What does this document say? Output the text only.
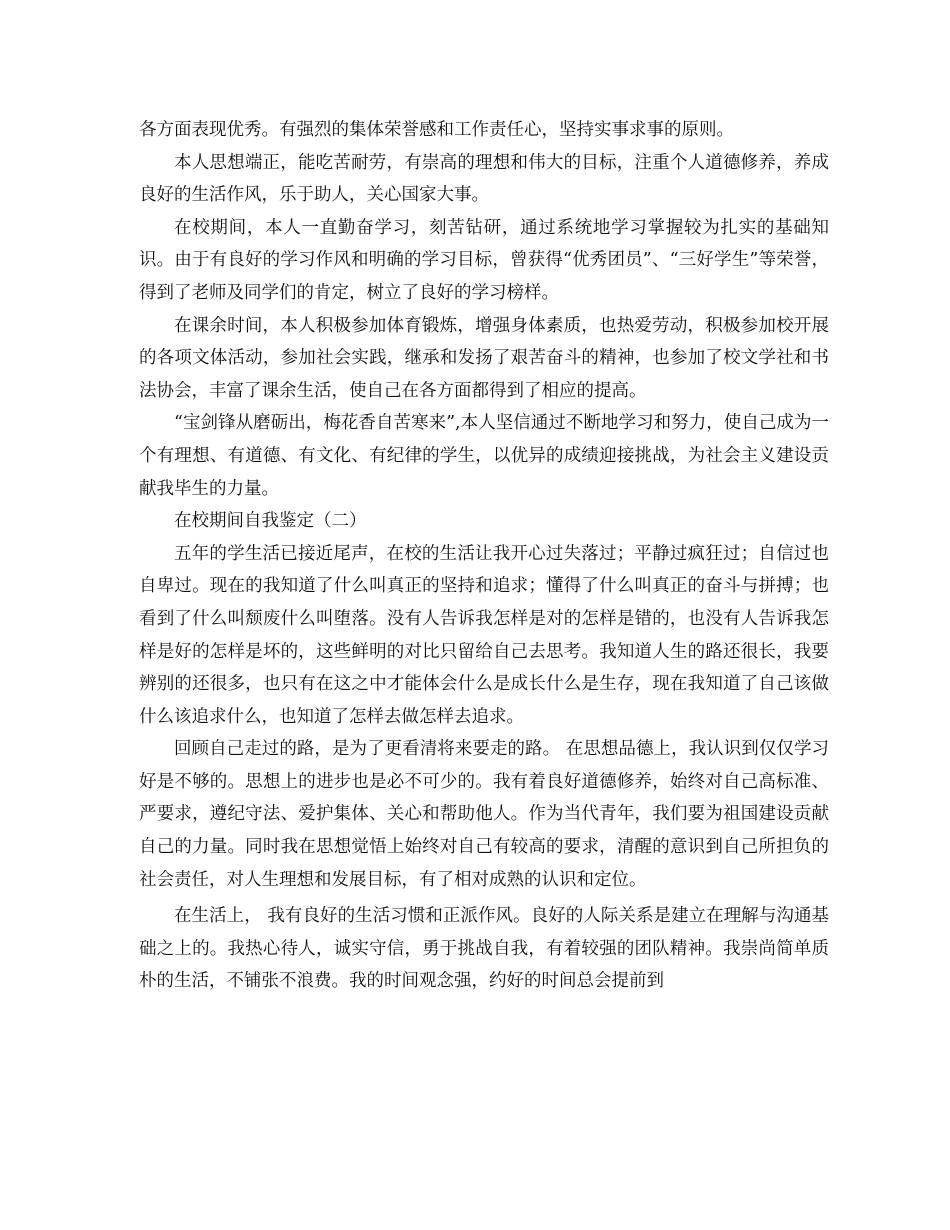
各方面表现优秀。有强烈的集体荣誉感和工作责任心，坚持实事求事的原则。

本人思想端正，能吃苦耐劳，有崇高的理想和伟大的目标，注重个人道德修养，养成良好的生活作风，乐于助人，关心国家大事。

在校期间，本人一直勤奋学习，刻苦钻研，通过系统地学习掌握较为扎实的基础知识。由于有良好的学习作风和明确的学习目标，曾获得“优秀团员”、“三好学生”等荣誉，得到了老师及同学们的肯定，树立了良好的学习榜样。

在课余时间，本人积极参加体育锻炼，增强身体素质，也热爱劳动，积极参加校开展的各项文体活动，参加社会实践，继承和发扬了艰苦奋斗的精神，也参加了校文学社和书法协会，丰富了课余生活，使自己在各方面都得到了相应的提高。

“宝剑锋从磨砺出，梅花香自苦寒来”,本人坚信通过不断地学习和努力，使自己成为一个有理想、有道德、有文化、有纪律的学生，以优异的成绩迎接挑战，为社会主义建设贡献我毕生的力量。

在校期间自我鉴定（二）

五年的学生活已接近尾声，在校的生活让我开心过失落过；平静过疯狂过；自信过也自卑过。现在的我知道了什么叫真正的坚持和追求；懂得了什么叫真正的奋斗与拼搏；也看到了什么叫颓废什么叫堕落。没有人告诉我怎样是对的怎样是错的，也没有人告诉我怎样是好的怎样是坏的，这些鲜明的对比只留给自己去思考。我知道人生的路还很长，我要辨别的还很多，也只有在这之中才能体会什么是成长什么是生存，现在我知道了自己该做什么该追求什么，也知道了怎样去做怎样去追求。

回顾自己走过的路，是为了更看清将来要走的路。 在思想品德上，我认识到仅仅学习好是不够的。思想上的进步也是必不可少的。我有着良好道德修养，始终对自己高标准、严要求，遵纪守法、爱护集体、关心和帮助他人。作为当代青年，我们要为祖国建设贡献自己的力量。同时我在思想觉悟上始终对自己有较高的要求，清醒的意识到自己所担负的社会责任，对人生理想和发展目标，有了相对成熟的认识和定位。

在生活上， 我有良好的生活习惯和正派作风。良好的人际关系是建立在理解与沟通基础之上的。我热心待人，诚实守信，勇于挑战自我，有着较强的团队精神。我崇尚简单质朴的生活，不铺张不浪费。我的时间观念强，约好的时间总会提前到
